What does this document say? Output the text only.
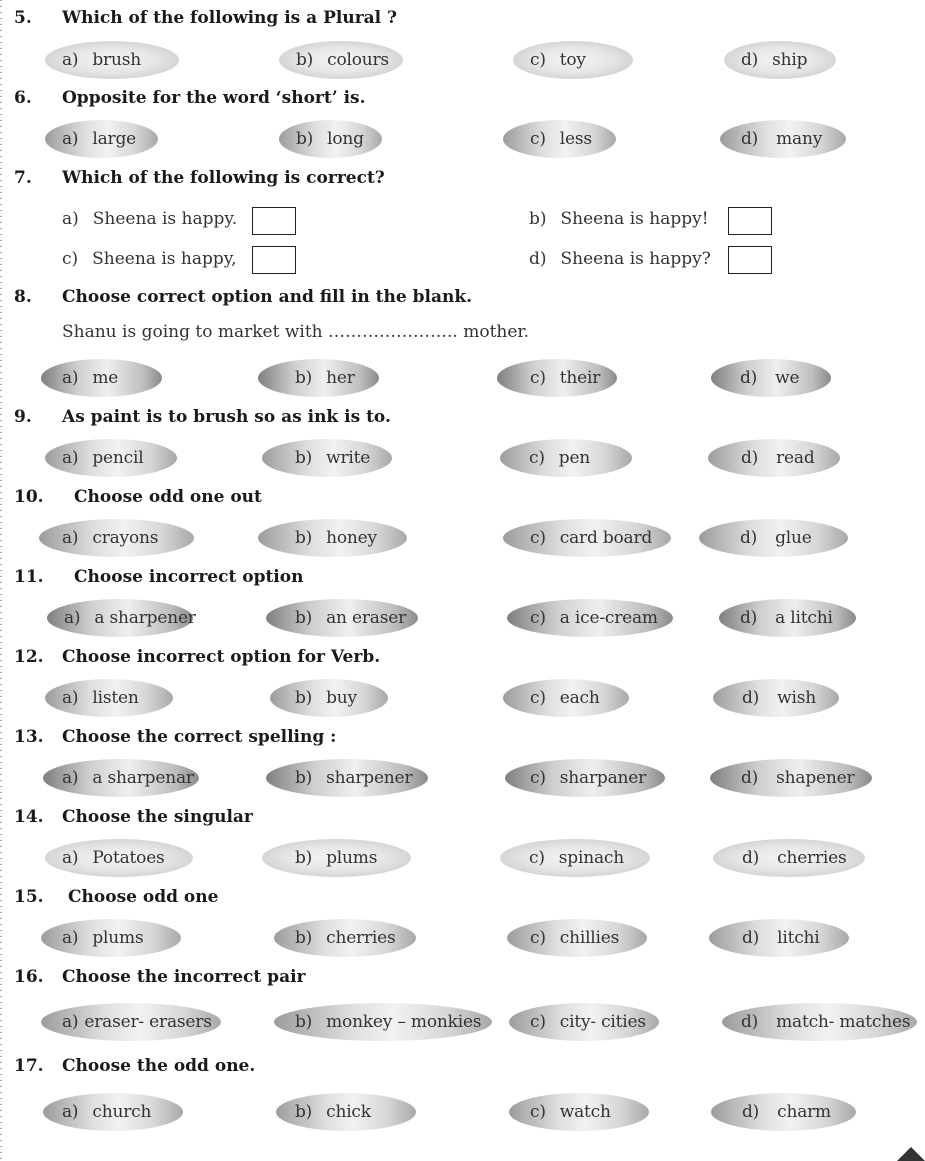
5. Which of the following is a Plural ?
a) brush	b) colours	c) toy	d) ship
6. Opposite for the word ‘short’ is.
a) large	b) long	c) less	d) many
7. Which of the following is correct?
a) Sheena is happy.	b) Sheena is happy!
c) Sheena is happy,	d) Sheena is happy?
8. Choose correct option and fill in the blank.
Shanu is going to market with ………………….. mother.
a) me	b) her	c) their	d) we
9. As paint is to brush so as ink is to.
a) pencil	b) write	c) pen	d) read
10. Choose odd one out
a) crayons	b) honey	c) card board	d) glue
11. Choose incorrect option
a) a sharpener	b) an eraser	c) a ice-cream	d) a litchi
12. Choose incorrect option for Verb.
a) listen	b) buy	c) each	d) wish
13. Choose the correct spelling :
a) a sharpenar	b) sharpener	c) sharpaner	d) shapener
14. Choose the singular
a) Potatoes	b) plums	c) spinach	d) cherries
15. Choose odd one
a) plums	b) cherries	c) chillies	d) litchi
16. Choose the incorrect pair
a) eraser- erasers	b) monkey – monkies	c) city- cities	d) match- matches
17. Choose the odd one.
a) church	b) chick	c) watch	d) charm
